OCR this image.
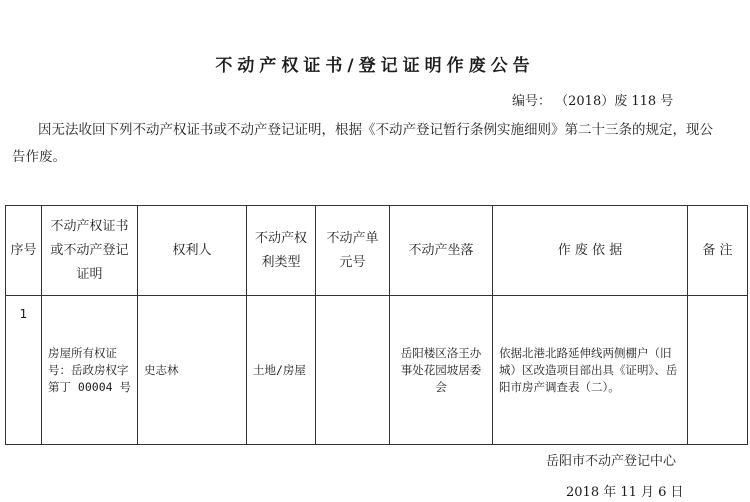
不动产权证书/登记证明作废公告
编号： （2018）废 118 号
因无法收回下列不动产权证书或不动产登记证明，根据《不动产登记暂行条例实施细则》第二十三条的规定，现公告作废。
序号	不动产权证书或不动产登记证明	权利人	不动产权利类型	不动产单元号	不动产坐落	作 废 依 据	备 注
1	房屋所有权证号：岳政房权字第丁 00004 号	史志林	土地/房屋		岳阳楼区洛王办事处花园坡居委会	依据北港北路延伸线两侧棚户（旧城）区改造项目部出具《证明》、岳阳市房产调查表（二）。	
岳阳市不动产登记中心
2018 年 11 月 6 日
